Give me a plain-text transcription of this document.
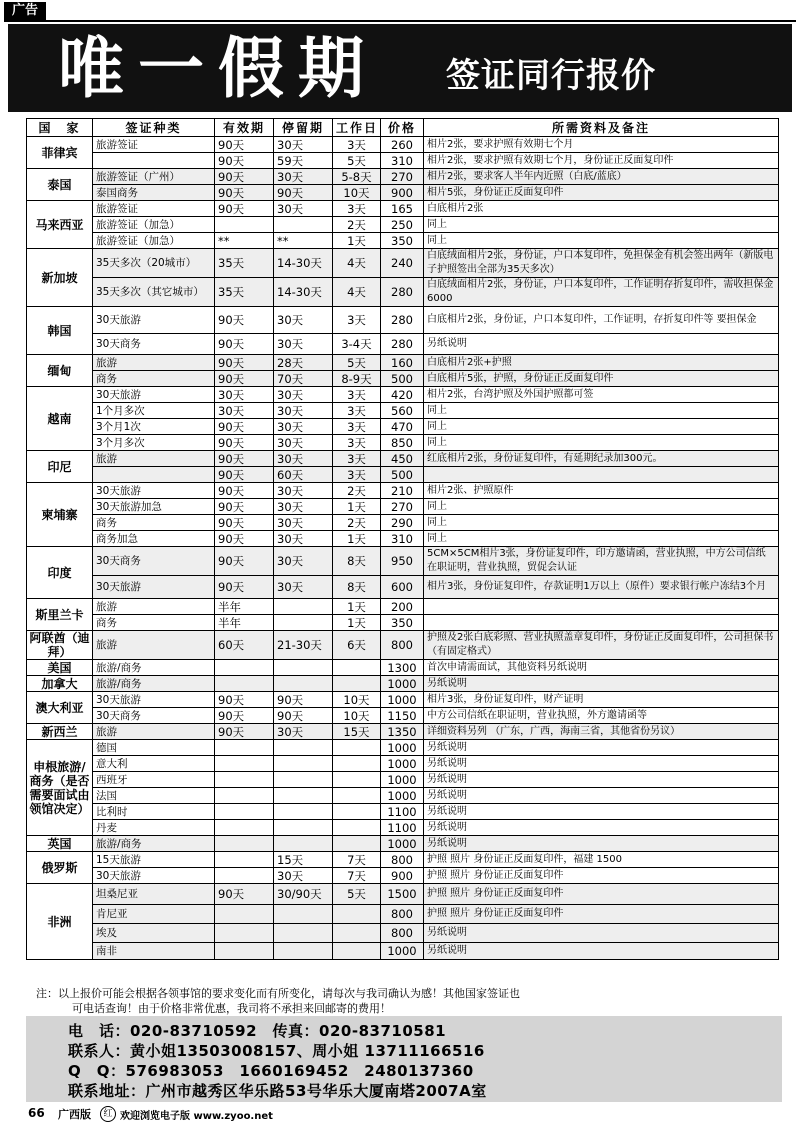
广告
唯一假期 签证同行报价
国　家	签证种类	有效期	停留期	工作日	价格	所需资料及备注
菲律宾	旅游签证	90天	30天	3天	260	相片2张，要求护照有效期七个月
		90天	59天	5天	310	相片2张，要求护照有效期七个月，身份证正反面复印件
泰国	旅游签证（广州）	90天	30天	5-8天	270	相片2张，要求客人半年内近照（白底/蓝底）
	泰国商务	90天	90天	10天	900	相片5张，身份证正反面复印件
马来西亚	旅游签证	90天	30天	3天	165	白底相片2张
	旅游签证（加急）			2天	250	同上
	旅游签证（加急）	**	**	1天	350	同上
新加坡	35天多次（20城市）	35天	14-30天	4天	240	白底绒面相片2张，身份证，户口本复印件，免担保金有机会签出两年（新版电子护照签出全部为35天多次）
	35天多次（其它城市）	35天	14-30天	4天	280	白底绒面相片2张，身份证，户口本复印件，工作证明存折复印件，需收担保金6000
韩国	30天旅游	90天	30天	3天	280	白底相片2张，身份证，户口本复印件，工作证明，存折复印件等 要担保金
	30天商务	90天	30天	3-4天	280	另纸说明
缅甸	旅游	90天	28天	5天	160	白底相片2张+护照
	商务	90天	70天	8-9天	500	白底相片5张，护照，身份证正反面复印件
越南	30天旅游	30天	30天	3天	420	相片2张，台湾护照及外国护照都可签
	1个月多次	30天	30天	3天	560	同上
	3个月1次	90天	30天	3天	470	同上
	3个月多次	90天	30天	3天	850	同上
印尼	旅游	90天	30天	3天	450	红底相片2张，身份证复印件，有延期纪录加300元。
		90天	60天	3天	500	
柬埔寨	30天旅游	90天	30天	2天	210	相片2张、护照原件
	30天旅游加急	90天	30天	1天	270	同上
	商务	90天	30天	2天	290	同上
	商务加急	90天	30天	1天	310	同上
印度	30天商务	90天	30天	8天	950	5CM×5CM相片3张，身份证复印件，印方邀请函，营业执照，中方公司信纸在职证明，营业执照，贸促会认证
	30天旅游	90天	30天	8天	600	相片3张，身份证复印件，存款证明1万以上（原件）要求银行帐户冻结3个月
斯里兰卡	旅游	半年		1天	200	
	商务	半年		1天	350	
阿联酋（迪拜）	旅游	60天	21-30天	6天	800	护照及2张白底彩照、营业执照盖章复印件，身份证正反面复印件，公司担保书（有固定格式）
美国	旅游/商务				1300	首次申请需面试，其他资料另纸说明
加拿大	旅游/商务				1000	另纸说明
澳大利亚	30天旅游	90天	90天	10天	1000	相片3张，身份证复印件，财产证明
	30天商务	90天	90天	10天	1150	中方公司信纸在职证明，营业执照，外方邀请函等
新西兰	旅游	90天	30天	15天	1350	详细资料另列 （广东，广西，海南三省，其他省份另议）
申根旅游/商务（是否需要面试由领馆决定）	德国				1000	另纸说明
	意大利				1000	另纸说明
	西班牙				1000	另纸说明
	法国				1000	另纸说明
	比利时				1100	另纸说明
	丹麦				1100	另纸说明
英国	旅游/商务				1000	另纸说明
俄罗斯	15天旅游		15天	7天	800	护照 照片 身份证正反面复印件，福建 1500
	30天旅游		30天	7天	900	护照 照片 身份证正反面复印件
非洲	坦桑尼亚	90天	30/90天	5天	1500	护照 照片 身份证正反面复印件
	肯尼亚				800	护照 照片 身份证正反面复印件
	埃及				800	另纸说明
	南非				1000	另纸说明
注：以上报价可能会根据各领事馆的要求变化而有所变化，请每次与我司确认为感！其他国家签证也
可电话查询！由于价格非常优惠，我司将不承担来回邮寄的费用！
电　话：020-83710592　传真：020-83710581
联系人：黄小姐13503008157、周小姐 13711166516
Q　Q：576983053　1660169452　2480137360
联系地址：广州市越秀区华乐路53号华乐大厦南塔2007A室
66 广西版	红 欢迎浏览电子版 www.zyoo.net
